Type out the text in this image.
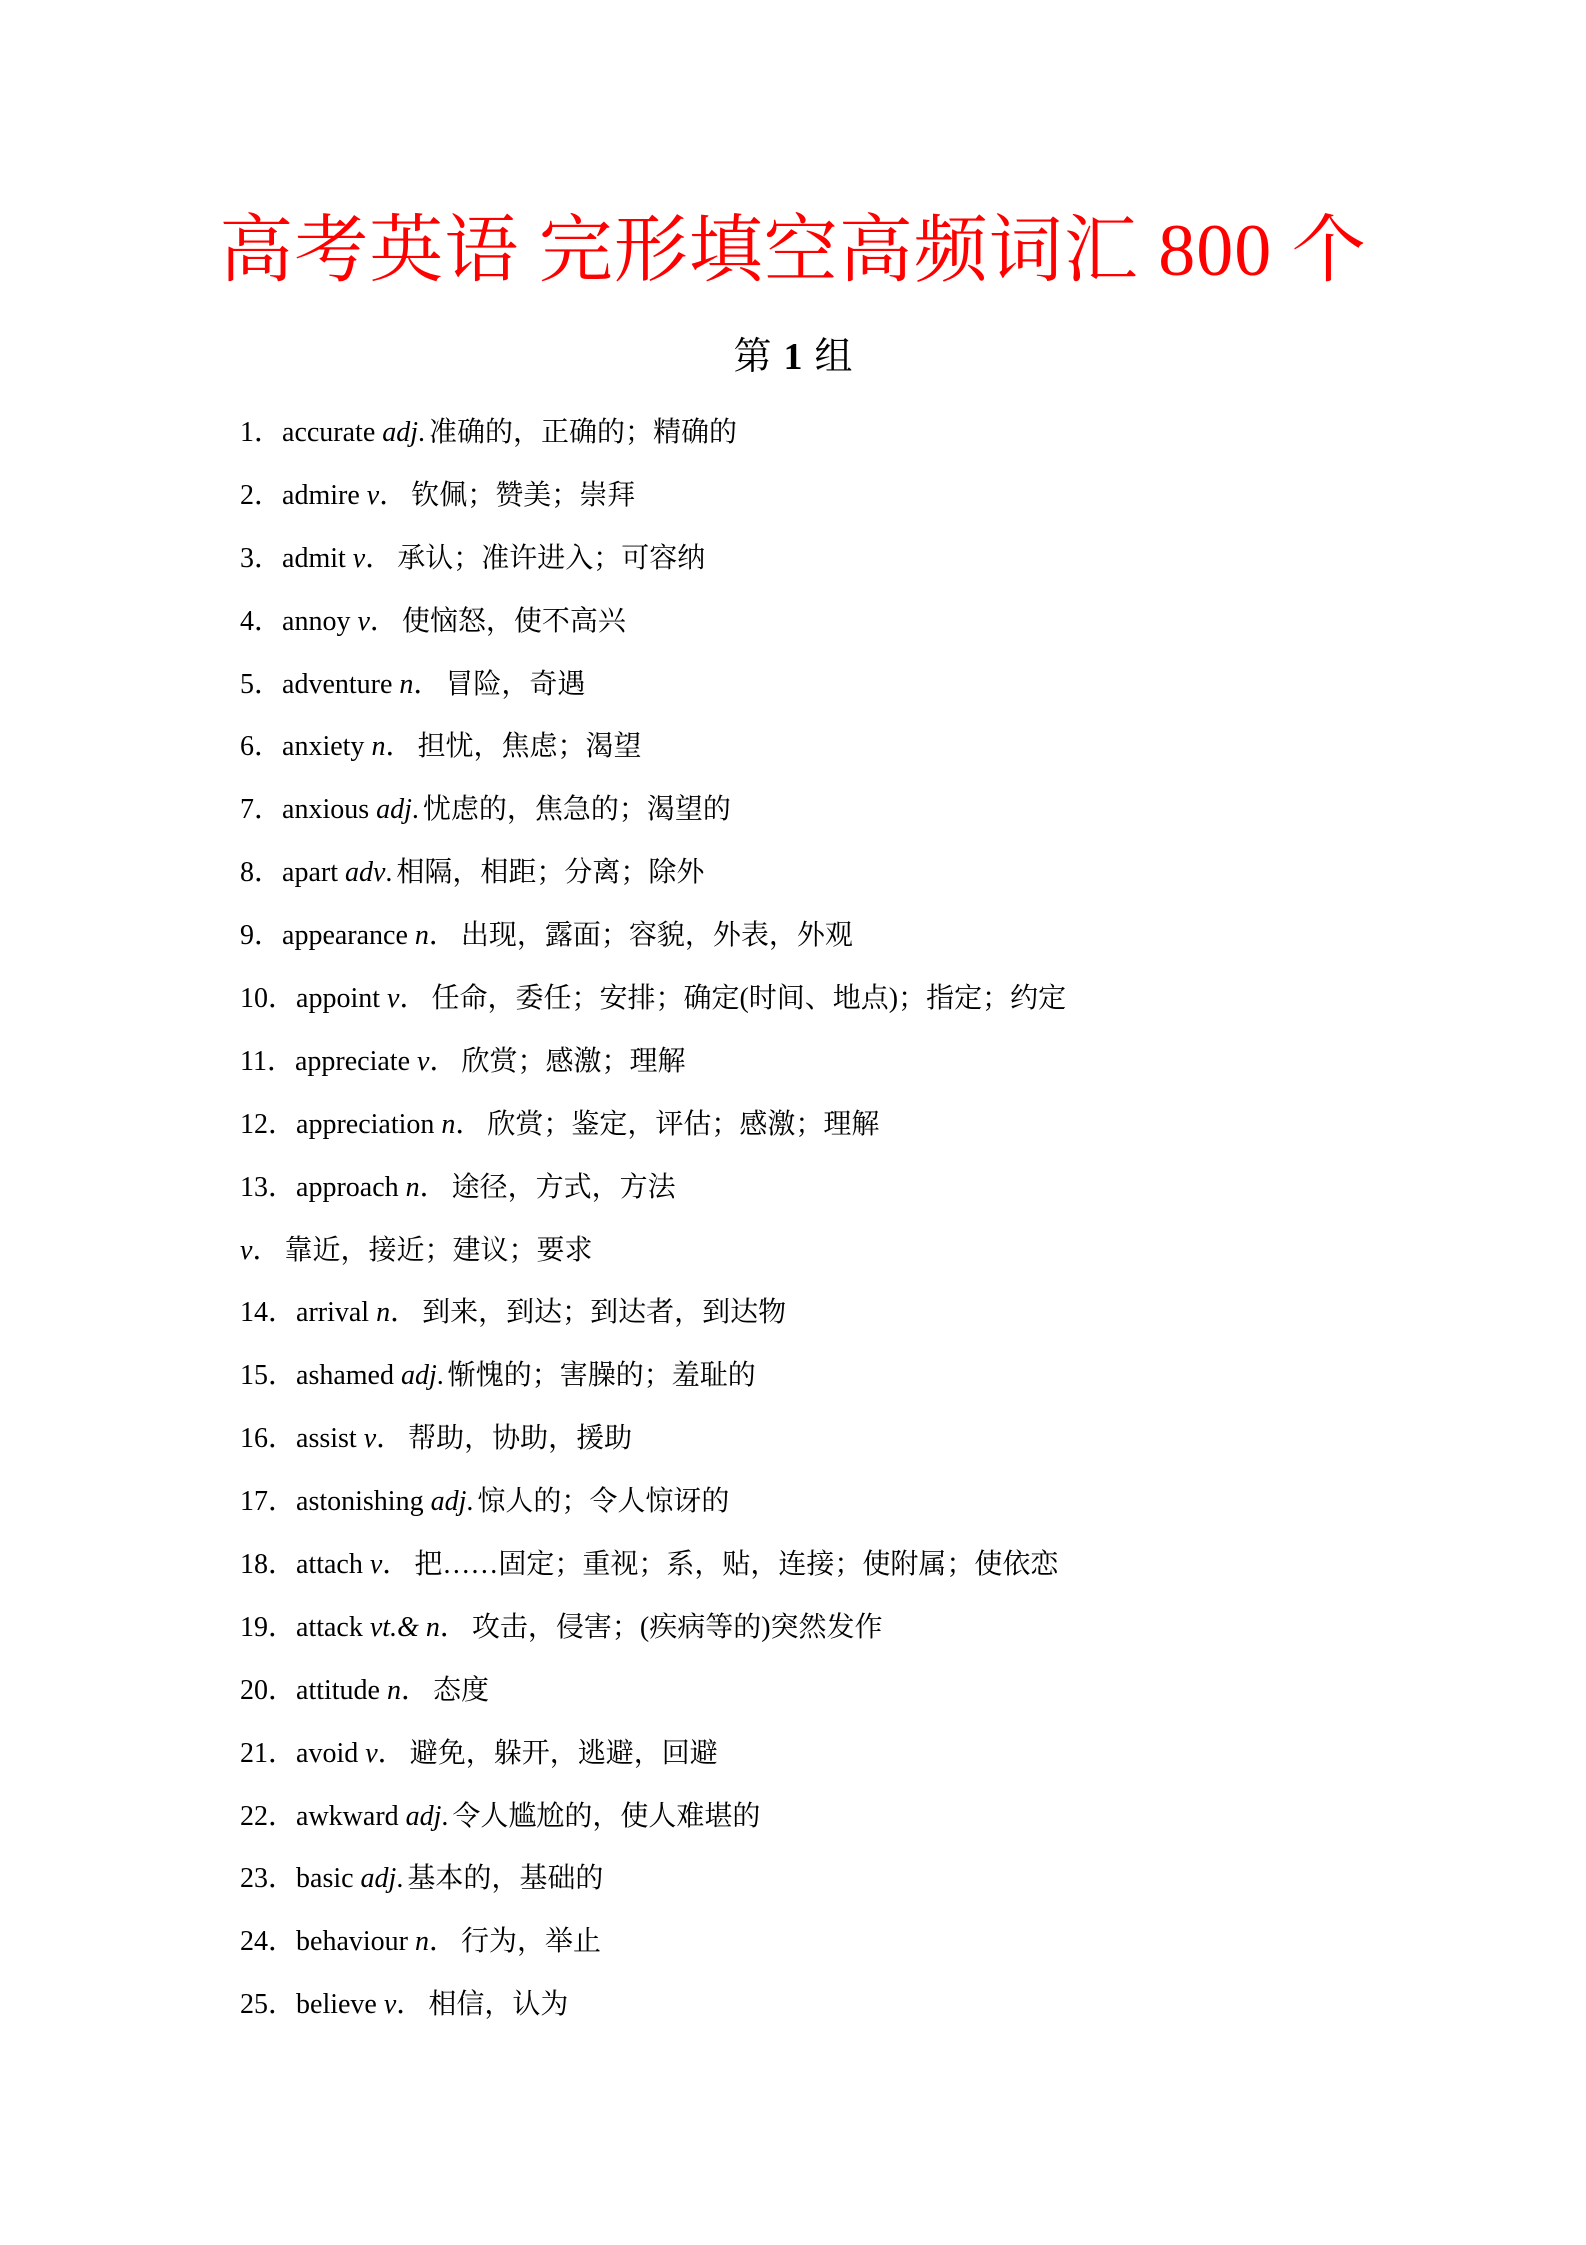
高考英语 完形填空高频词汇 800 个
第 1 组
1．accurate adj. 准确的，正确的；精确的
2．admire v． 钦佩；赞美；崇拜
3．admit v． 承认；准许进入；可容纳
4．annoy v． 使恼怒，使不高兴
5．adventure n． 冒险，奇遇
6．anxiety n． 担忧，焦虑；渴望
7．anxious adj. 忧虑的，焦急的；渴望的
8．apart adv. 相隔，相距；分离；除外
9．appearance n． 出现，露面；容貌，外表，外观
10．appoint v． 任命，委任；安排；确定(时间、地点)；指定；约定
11．appreciate v． 欣赏；感激；理解
12．appreciation n． 欣赏；鉴定，评估；感激；理解
13．approach n． 途径，方式，方法
v． 靠近，接近；建议；要求
14．arrival n． 到来，到达；到达者，到达物
15．ashamed adj. 惭愧的；害臊的；羞耻的
16．assist v． 帮助，协助，援助
17．astonishing adj. 惊人的；令人惊讶的
18．attach v． 把……固定；重视；系，贴，连接；使附属；使依恋
19．attack vt.& n． 攻击，侵害；(疾病等的)突然发作
20．attitude n． 态度
21．avoid v． 避免，躲开，逃避，回避
22．awkward adj. 令人尴尬的，使人难堪的
23．basic adj. 基本的，基础的
24．behaviour n． 行为，举止
25．believe v． 相信，认为
